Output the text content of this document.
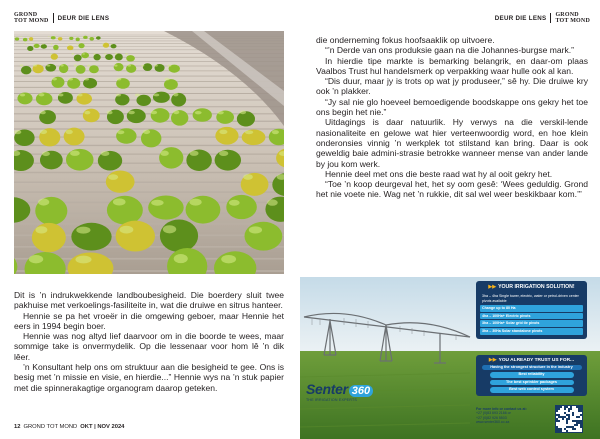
GROND
TOT MOND DEUR DIE LENS

Dit is ’n indrukwekkende landboubesigheid. Die boerdery sluit twee pakhuise met verkoelings-fasiliteite in, wat die druiwe en sitrus hanteer.

Hennie se pa het vroeër in die omgewing geboer, maar Hennie het eers in 1994 begin boer.

Hennie was nog altyd lief daarvoor om in die boorde te wees, maar sommige take is onvermydelik. Op die lessenaar voor hom lê ’n dik lêer.

’n Konsultant help ons om struktuur aan die besigheid te gee. Ons is besig met ’n missie en visie, en hierdie...” Hennie wys na ’n stuk papier met die spinnerakagtige organogram daarop geteken.

12 GROND TOT MOND OKT | NOV 2024
DEUR DIE LENS GROND
TOT MOND

die onderneming fokus hoofsaaklik op uitvoere.

“’n Derde van ons produksie gaan na die Johannes-burgse mark.”

In hierdie tipe markte is bemarking belangrik, en daar-om plaas Vaalbos Trust hul handelsmerk op verpakking waar hulle ook al kan.

“Dis duur, maar jy is trots op wat jy produseer,” sê hy. Die druiwe kry ook ’n plakker.

“Jy sal nie glo hoeveel bemoedigende boodskappe ons gekry het toe ons begin het nie.”

Uitdagings is daar natuurlik. Hy verwys na die verskil-lende nasionaliteite en gelowe wat hier verteenwoordig word, en hoe klein onderonsies vinnig ’n werkplek tot stilstand kan bring. Daar is ook geweldig baie admini-strasie betrokke wanneer mense van ander lande by jou kom werk.

Hennie deel met ons die beste raad wat hy al ooit gekry het.

“Toe ’n koop deurgeval het, het sy oom gesê: ‘Wees geduldig. Grond het nie voete nie. Wag net ’n rukkie, dit sal wel weer beskikbaar kom.’”

▶▶ YOUR IRRIGATION SOLUTION!
3ha – 4ha Single tower, electric, water or petrol-driven center pivots available
Change up to 80 Ha
4ha – 100Ha+ Electric pivots
3ha – 100Ha+ Solar grid tie pivots
3ha – 30Ha Solar standalone pivots
▶▶ YOU ALREADY TRUST US FOR...
Having the strongest structure in the industry
Best reliability
The best sprinkler packages
Best web control system
Senter 360
THE IRRIGATION EXPERTS
For more info or contact us at:
+27 (0)83 693 2166 or
+27 (0)82 926 5503
www.senter360.co.za
